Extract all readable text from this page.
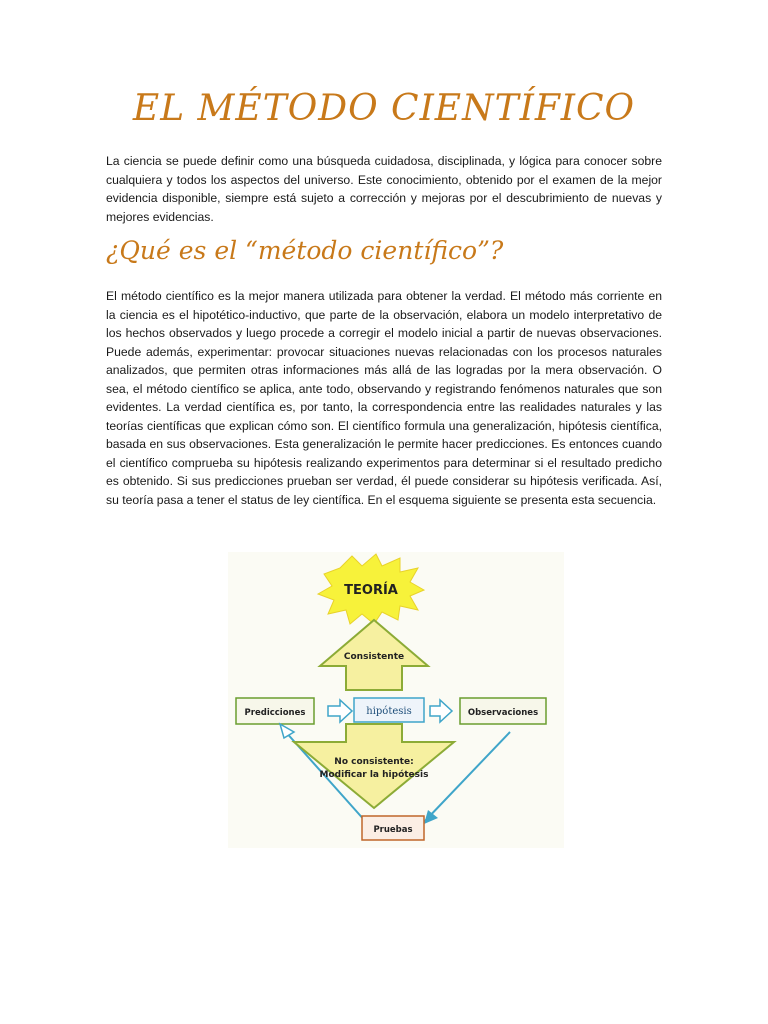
EL MÉTODO CIENTÍFICO
La ciencia se puede definir como una búsqueda cuidadosa, disciplinada, y lógica para conocer sobre cualquiera y todos los aspectos del universo. Este conocimiento, obtenido por el examen de la mejor evidencia disponible, siempre está sujeto a corrección y mejoras por el descubrimiento de nuevas y mejores evidencias.
¿Qué es el “método científico”?
El método científico es la mejor manera utilizada para obtener la verdad. El método más corriente en la ciencia es el hipotético-inductivo, que parte de la observación, elabora un modelo interpretativo de los hechos observados y luego procede a corregir el modelo inicial a partir de nuevas observaciones. Puede además, experimentar: provocar situaciones nuevas relacionadas con los procesos naturales analizados, que permiten otras informaciones más allá de las logradas por la mera observación. O sea, el método científico se aplica, ante todo, observando y registrando fenómenos naturales que son evidentes. La verdad científica es, por tanto, la correspondencia entre las realidades naturales y las teorías científicas que explican cómo son. El científico formula una generalización, hipótesis científica, basada en sus observaciones. Esta generalización le permite hacer predicciones. Es entonces cuando el científico comprueba su hipótesis realizando experimentos para determinar si el resultado predicho es obtenido. Si sus predicciones prueban ser verdad, él puede considerar su hipótesis verificada. Así, su teoría pasa a tener el status de ley científica. En el esquema siguiente se presenta esta secuencia.
TEORÍA
Consistente
Predicciones	hipótesis	Observaciones
No consistente:
Modificar la hipótesis
Pruebas
